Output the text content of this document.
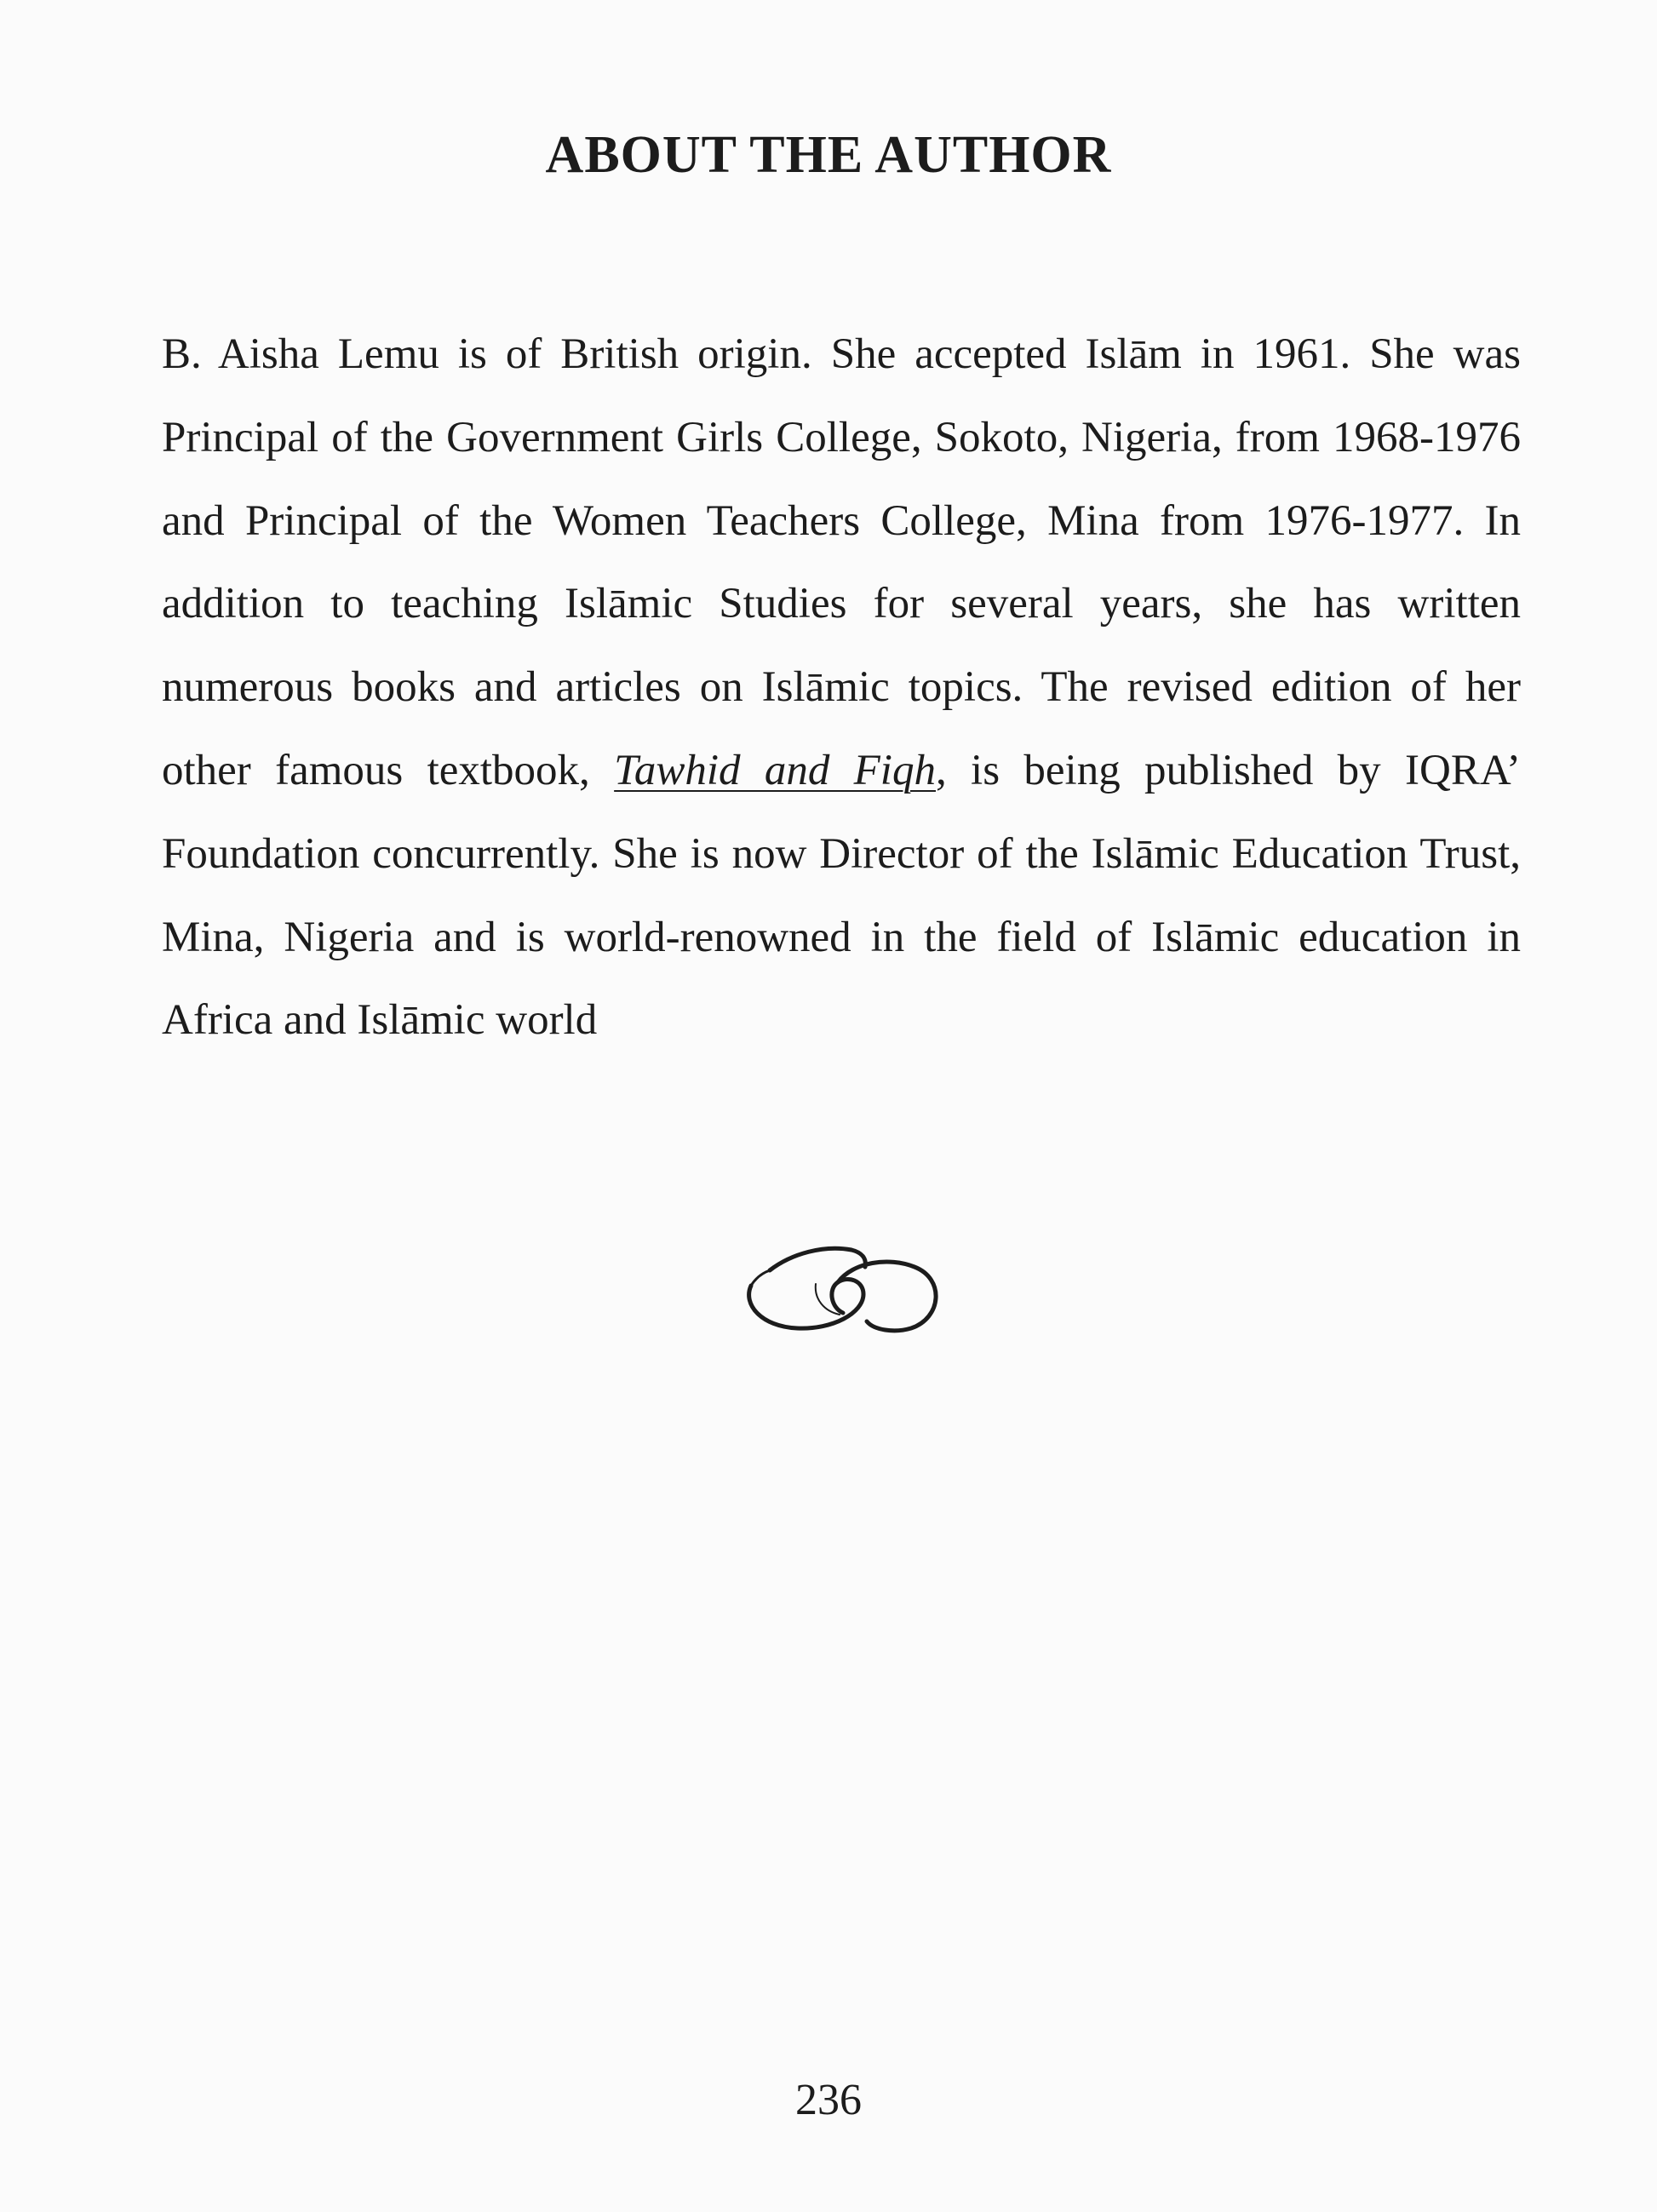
ABOUT THE AUTHOR

B. Aisha Lemu is of British origin. She accepted Islām in 1961. She was Principal of the Government Girls College, Sokoto, Nigeria, from 1968-1976 and Principal of the Women Teachers College, Mina from 1976-1977. In addition to teaching Islāmic Studies for several years, she has written numerous books and articles on Islāmic topics. The revised edition of her other famous textbook, Tawhid and Fiqh, is being published by IQRA’ Foundation concurrently. She is now Director of the Islāmic Education Trust, Mina, Nigeria and is world-renowned in the field of Islāmic education in Africa and Islāmic world

236
